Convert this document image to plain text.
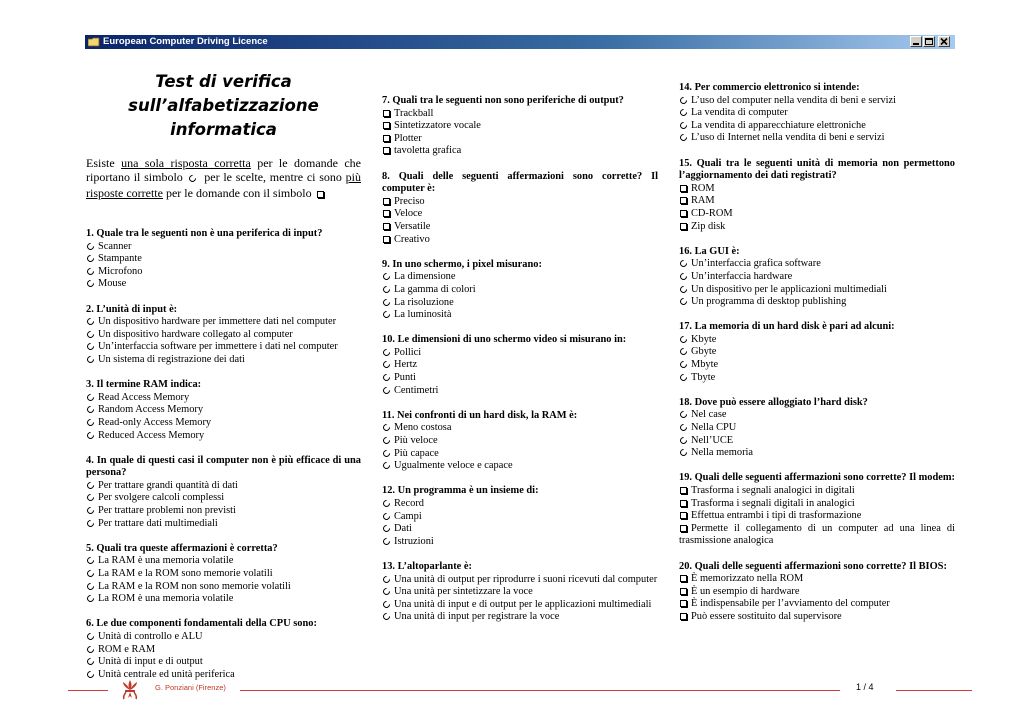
European Computer Driving Licence
Test di verifica
sull’alfabetizzazione informatica
Esiste una sola risposta corretta per le domande che riportano il simbolo  per le scelte, mentre ci sono più risposte corrette per le domande con il simbolo
1. Quale tra le seguenti non è una periferica di input?
Scanner
Stampante
Microfono
Mouse
2. L’unità di input è:
Un dispositivo hardware per immettere dati nel computer
Un dispositivo hardware collegato al computer
Un’interfaccia software per immettere i dati nel computer
Un sistema di registrazione dei dati
3. Il termine RAM indica:
Read Access Memory
Random Access Memory
Read-only Access Memory
Reduced Access Memory
4. In quale di questi casi il computer non è più efficace di una persona?
Per trattare grandi quantità di dati
Per svolgere calcoli complessi
Per trattare problemi non previsti
Per trattare dati multimediali
5. Quali tra queste affermazioni è corretta?
La RAM è una memoria volatile
La RAM e la ROM sono memorie volatili
La RAM e la ROM non sono memorie volatili
La ROM è una memoria volatile
6. Le due componenti fondamentali della CPU sono:
Unità di controllo e ALU
ROM e RAM
Unità di input e di output
Unità centrale ed unità periferica
7. Quali tra le seguenti non sono periferiche di output?
Trackball
Sintetizzatore vocale
Plotter
tavoletta grafica
8. Quali delle seguenti affermazioni sono corrette? Il computer è:
Preciso
Veloce
Versatile
Creativo
9. In uno schermo, i pixel misurano:
La dimensione
La gamma di colori
La risoluzione
La luminosità
10. Le dimensioni di uno schermo video si misurano in:
Pollici
Hertz
Punti
Centimetri
11. Nei confronti di un hard disk, la RAM è:
Meno costosa
Più veloce
Più capace
Ugualmente veloce e capace
12. Un programma è un insieme di:
Record
Campi
Dati
Istruzioni
13. L’altoparlante è:
Una unità di output per riprodurre i suoni ricevuti dal computer
Una unità per sintetizzare la voce
Una unità di input e di output per le applicazioni multimediali
Una unità di input per registrare la voce
14. Per commercio elettronico si intende:
L’uso del computer nella vendita di beni e servizi
La vendita di computer
La vendita di apparecchiature elettroniche
L’uso di Internet nella vendita di beni e servizi
15. Quali tra le seguenti unità di memoria non permettono l’aggiornamento dei dati registrati?
ROM
RAM
CD-ROM
Zip disk
16. La GUI è:
Un’interfaccia grafica software
Un’interfaccia hardware
Un dispositivo per le applicazioni multimediali
Un programma di desktop publishing
17. La memoria di un hard disk è pari ad alcuni:
Kbyte
Gbyte
Mbyte
Tbyte
18. Dove può essere alloggiato l’hard disk?
Nel case
Nella CPU
Nell’UCE
Nella memoria
19. Quali delle seguenti affermazioni sono corrette? Il modem:
Trasforma i segnali analogici in digitali
Trasforma i segnali digitali in analogici
Effettua entrambi i tipi di trasformazione
Permette il collegamento di un computer ad una linea di trasmissione analogica
20. Quali delle seguenti affermazioni sono corrette? Il BIOS:
È memorizzato nella ROM
È un esempio di hardware
È indispensabile per l’avviamento del computer
Può essere sostituito dal supervisore
G. Ponziani (Firenze)	1 / 4
